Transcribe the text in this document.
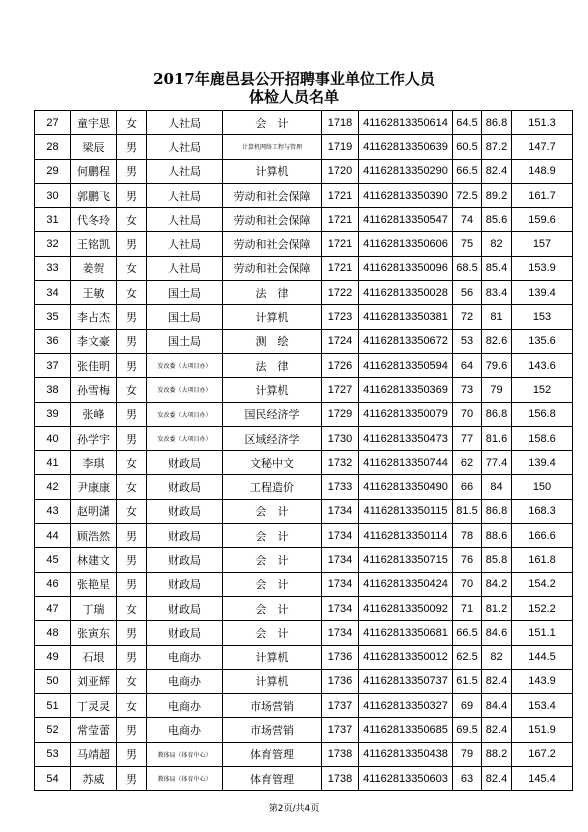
2017年鹿邑县公开招聘事业单位工作人员
体检人员名单
27	童宇思	女	人社局	会　计	1718	41162813350614	64.5	86.8	151.3
28	梁辰	男	人社局	计算机网络工程与管理	1719	41162813350639	60.5	87.2	147.7
29	何鹏程	男	人社局	计算机	1720	41162813350290	66.5	82.4	148.9
30	郭鹏飞	男	人社局	劳动和社会保障	1721	41162813350390	72.5	89.2	161.7
31	代冬玲	女	人社局	劳动和社会保障	1721	41162813350547	74	85.6	159.6
32	王铭凯	男	人社局	劳动和社会保障	1721	41162813350606	75	82	157
33	姜贺	女	人社局	劳动和社会保障	1721	41162813350096	68.5	85.4	153.9
34	王敏	女	国土局	法　律	1722	41162813350028	56	83.4	139.4
35	李占杰	男	国土局	计算机	1723	41162813350381	72	81	153
36	李文豪	男	国土局	测　绘	1724	41162813350672	53	82.6	135.6
37	张佳明	男	发改委（大项目办）	法　律	1726	41162813350594	64	79.6	143.6
38	孙雪梅	女	发改委（大项目办）	计算机	1727	41162813350369	73	79	152
39	张峰	男	发改委（大项目办）	国民经济学	1729	41162813350079	70	86.8	156.8
40	孙学宇	男	发改委（大项目办）	区域经济学	1730	41162813350473	77	81.6	158.6
41	李琪	女	财政局	文秘中文	1732	41162813350744	62	77.4	139.4
42	尹康康	女	财政局	工程造价	1733	41162813350490	66	84	150
43	赵明潇	女	财政局	会　计	1734	41162813350115	81.5	86.8	168.3
44	顾浩然	男	财政局	会　计	1734	41162813350114	78	88.6	166.6
45	林建文	男	财政局	会　计	1734	41162813350715	76	85.8	161.8
46	张艳星	男	财政局	会　计	1734	41162813350424	70	84.2	154.2
47	丁瑞	女	财政局	会　计	1734	41162813350092	71	81.2	152.2
48	张寅东	男	财政局	会　计	1734	41162813350681	66.5	84.6	151.1
49	石垠	男	电商办	计算机	1736	41162813350012	62.5	82	144.5
50	刘亚辉	女	电商办	计算机	1736	41162813350737	61.5	82.4	143.9
51	丁灵灵	女	电商办	市场营销	1737	41162813350327	69	84.4	153.4
52	常莹蕾	男	电商办	市场营销	1737	41162813350685	69.5	82.4	151.9
53	马靖超	男	教体局（体育中心）	体育管理	1738	41162813350438	79	88.2	167.2
54	苏威	男	教体局（体育中心）	体育管理	1738	41162813350603	63	82.4	145.4
第2页/共4页
